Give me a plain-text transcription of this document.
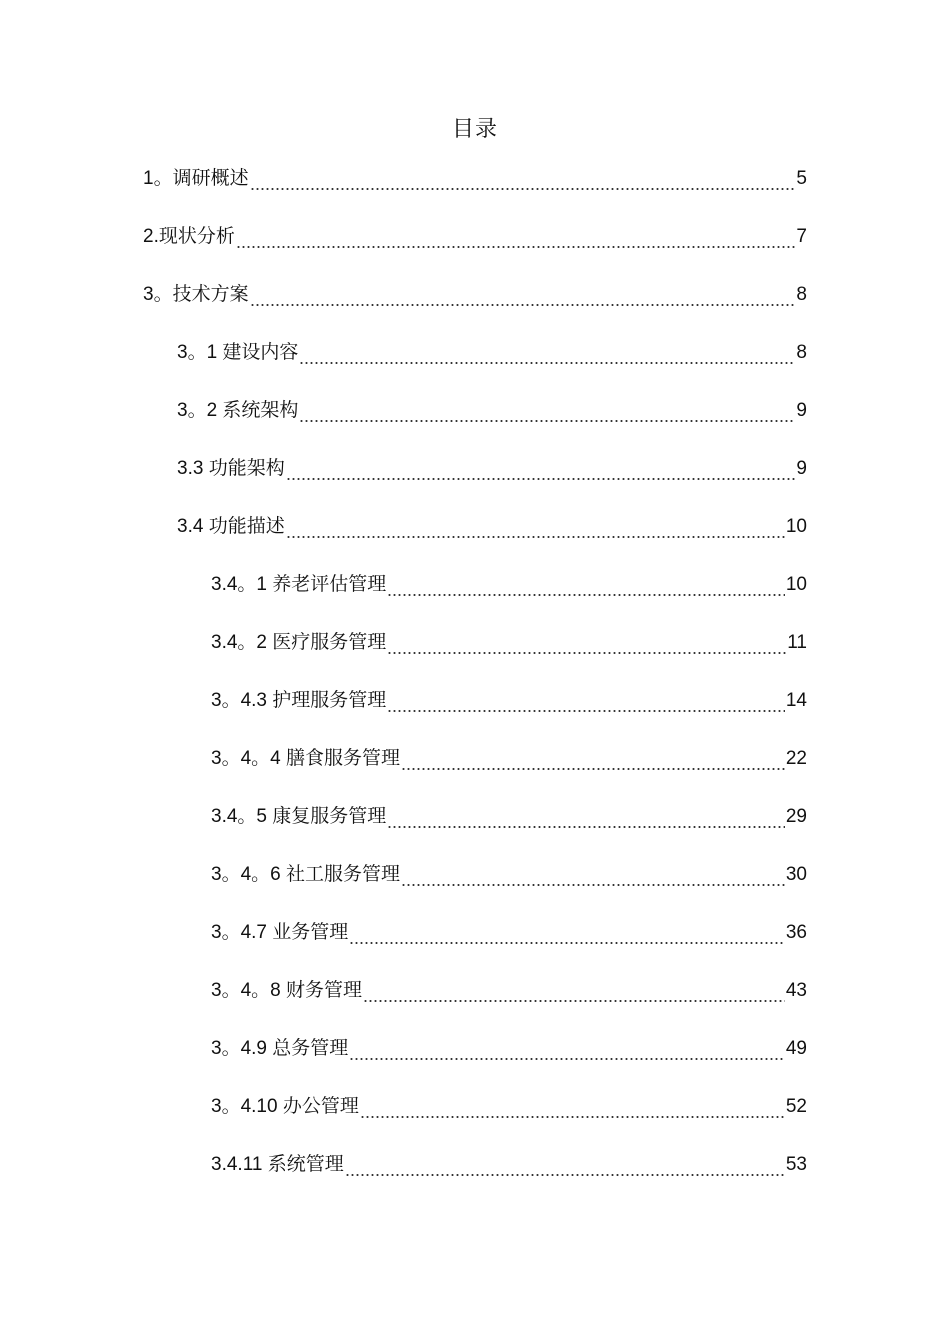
目录
1。调研概述	5
2.现状分析	7
3。技术方案	8
3。1 建设内容	8
3。2 系统架构	9
3.3 功能架构	9
3.4 功能描述	10
3.4。1 养老评估管理	10
3.4。2 医疗服务管理	11
3。4.3 护理服务管理	14
3。4。4 膳食服务管理	22
3.4。5 康复服务管理	29
3。4。6 社工服务管理	30
3。4.7 业务管理	36
3。4。8 财务管理	43
3。4.9 总务管理	49
3。4.10 办公管理	52
3.4.11 系统管理	53
